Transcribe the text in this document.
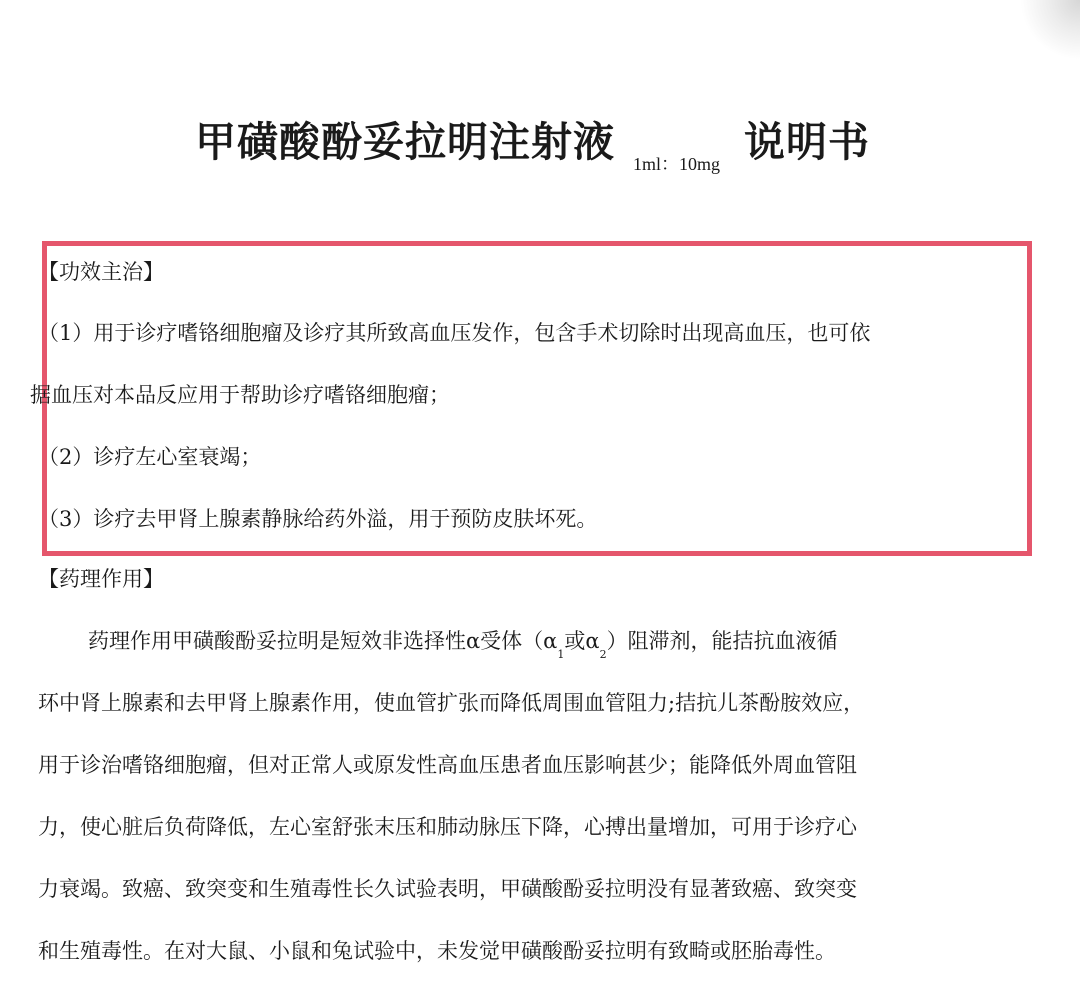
甲磺酸酚妥拉明注射液 1ml：10mg 说明书
【功效主治】
（1）用于诊疗嗜铬细胞瘤及诊疗其所致高血压发作，包含手术切除时出现高血压，也可依
据血压对本品反应用于帮助诊疗嗜铬细胞瘤；
（2）诊疗左心室衰竭；
（3）诊疗去甲肾上腺素静脉给药外溢，用于预防皮肤坏死。
【药理作用】
药理作用甲磺酸酚妥拉明是短效非选择性α受体（$\alpha_1$或$\alpha_2$）阻滞剂，能拮抗血液循
环中肾上腺素和去甲肾上腺素作用，使血管扩张而降低周围血管阻力;拮抗儿茶酚胺效应，
用于诊治嗜铬细胞瘤，但对正常人或原发性高血压患者血压影响甚少；能降低外周血管阻
力，使心脏后负荷降低，左心室舒张末压和肺动脉压下降，心搏出量增加，可用于诊疗心
力衰竭。致癌、致突变和生殖毒性长久试验表明，甲磺酸酚妥拉明没有显著致癌、致突变
和生殖毒性。在对大鼠、小鼠和兔试验中，未发觉甲磺酸酚妥拉明有致畸或胚胎毒性。
